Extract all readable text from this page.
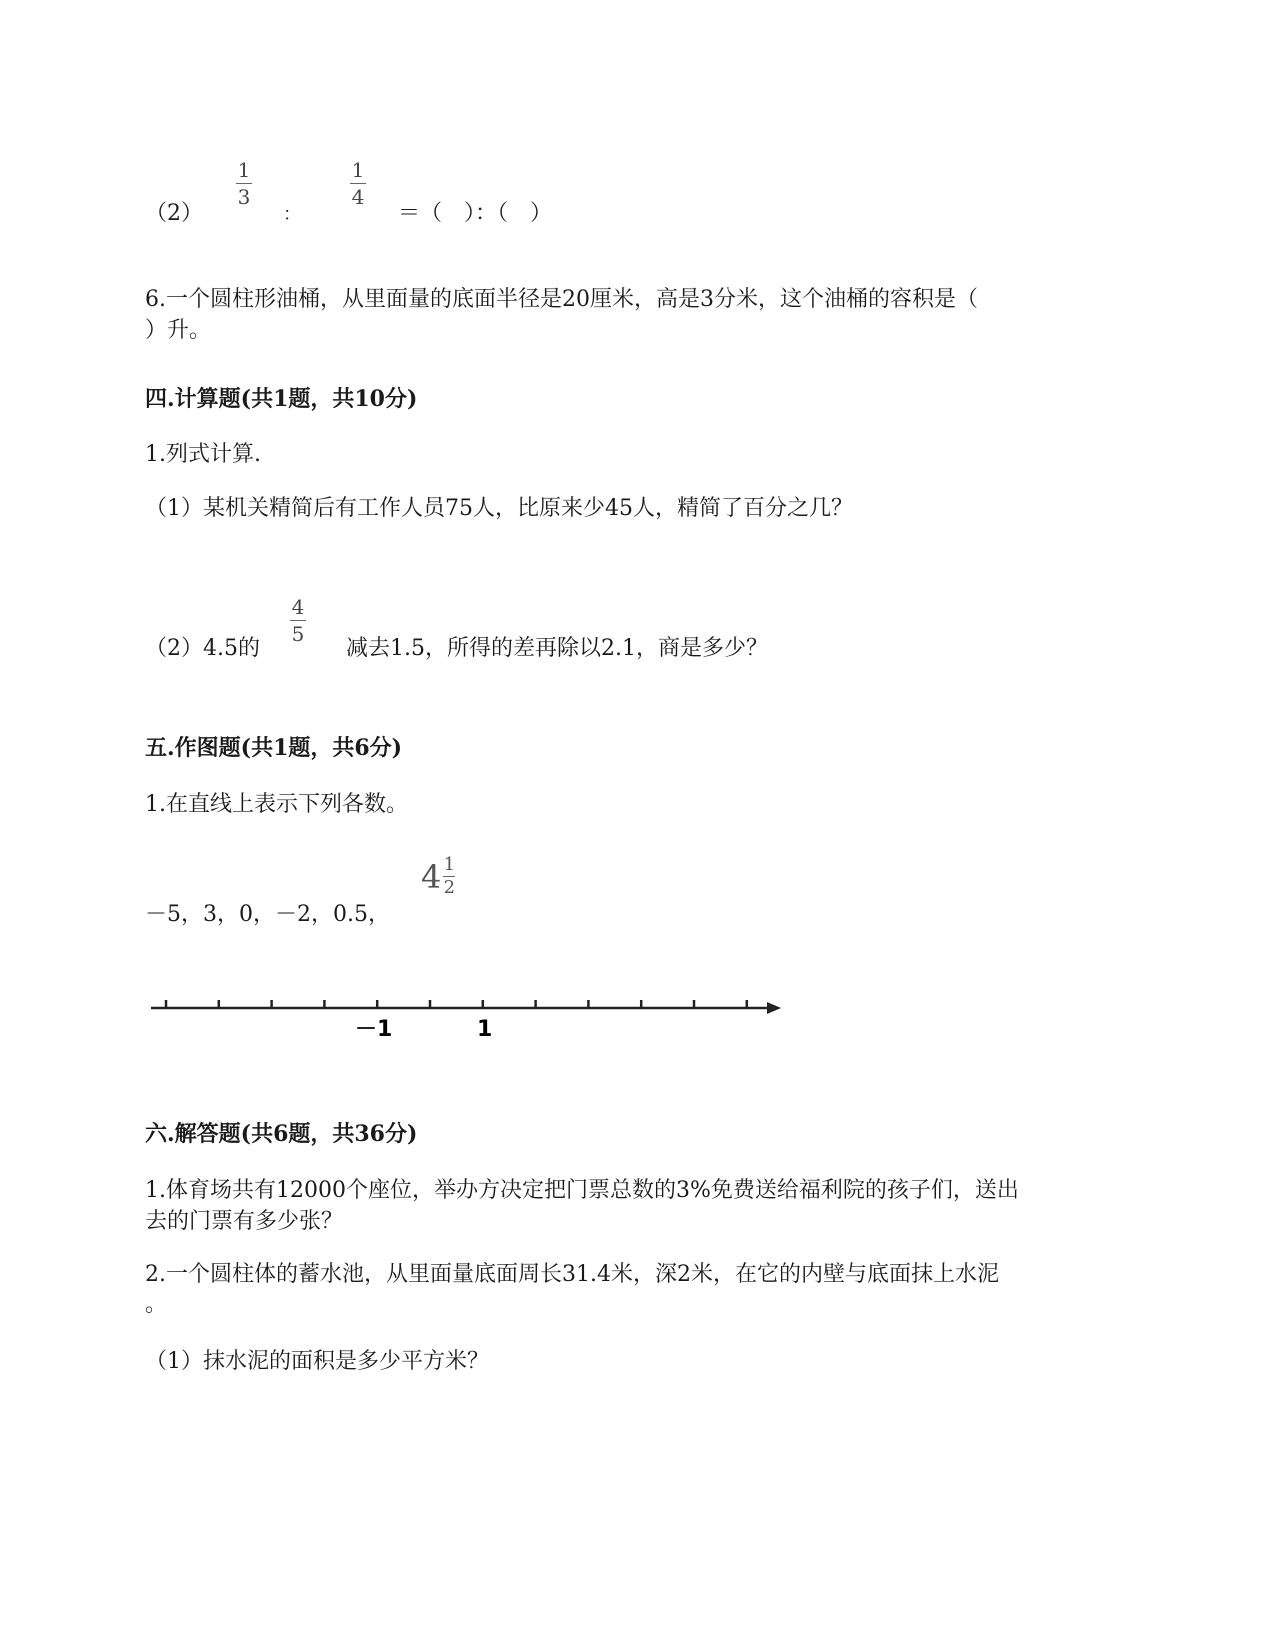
（2）
1
3
：
1
4
＝（　）：（　）
6.一个圆柱形油桶，从里面量的底面半径是20厘米，高是3分米，这个油桶的容积是（
）升。
四.计算题(共1题，共10分)
1.列式计算.
（1）某机关精简后有工作人员75人，比原来少45人，精简了百分之几？
（2）4.5的
4
5
减去1.5，所得的差再除以2.1，商是多少？
五.作图题(共1题，共6分)
1.在直线上表示下列各数。
－5，3，0，－2，0.5，
$4 \frac{1}{2}$
－1	1
六.解答题(共6题，共36分)
1.体育场共有12000个座位，举办方决定把门票总数的3%免费送给福利院的孩子们，送出
去的门票有多少张？
2.一个圆柱体的蓄水池，从里面量底面周长31.4米，深2米，在它的内壁与底面抹上水泥
。
（1）抹水泥的面积是多少平方米？
